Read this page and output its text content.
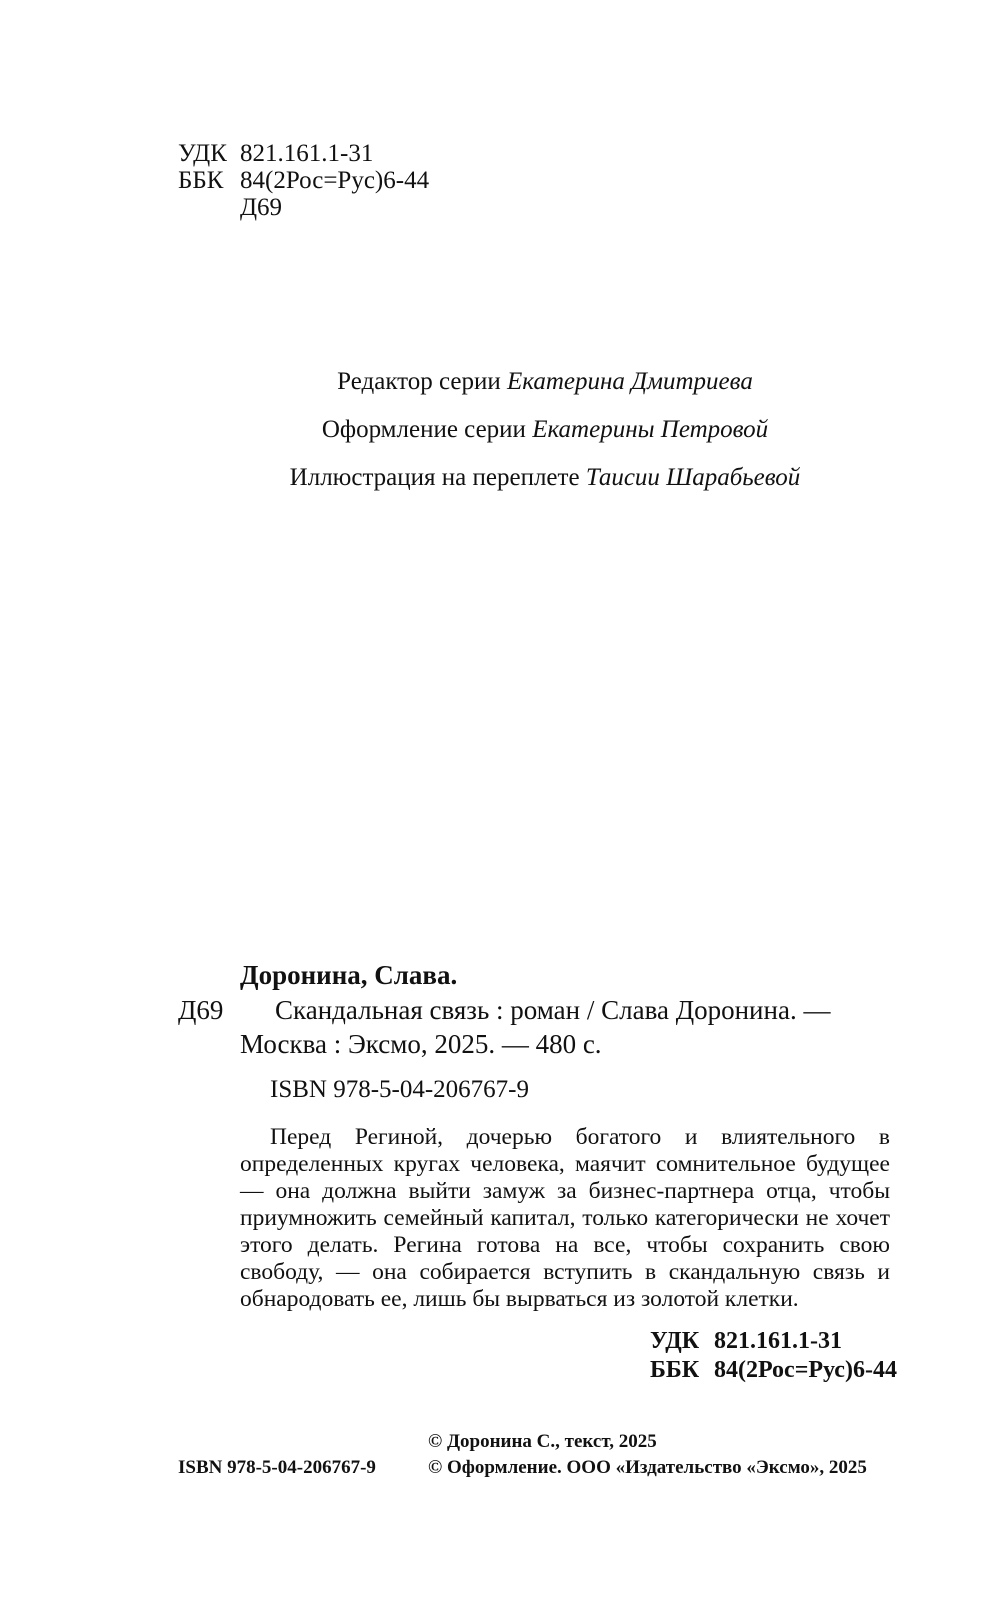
УДК 821.161.1-31
ББК 84(2Рос=Рус)6-44
Д69
Редактор серии Екатерина Дмитриева
Оформление серии Екатерины Петровой
Иллюстрация на переплете Таисии Шарабьевой
Доронина, Слава.
Д69 Скандальная связь : роман / Слава Доронина. —
Москва : Эксмо, 2025. — 480 с.
ISBN 978-5-04-206767-9

Перед Региной, дочерью богатого и влиятельного в определенных кругах человека, маячит сомнительное будущее — она должна выйти замуж за бизнес-партнера отца, чтобы приумножить семейный капитал, только категорически не хочет этого делать. Регина готова на все, чтобы сохранить свою свободу, — она собирается вступить в скандальную связь и обнародовать ее, лишь бы вырваться из золотой клетки.

УДК 821.161.1-31
ББК 84(2Рос=Рус)6-44
© Доронина С., текст, 2025
ISBN 978-5-04-206767-9	© Оформление. ООО «Издательство «Эксмо», 2025
